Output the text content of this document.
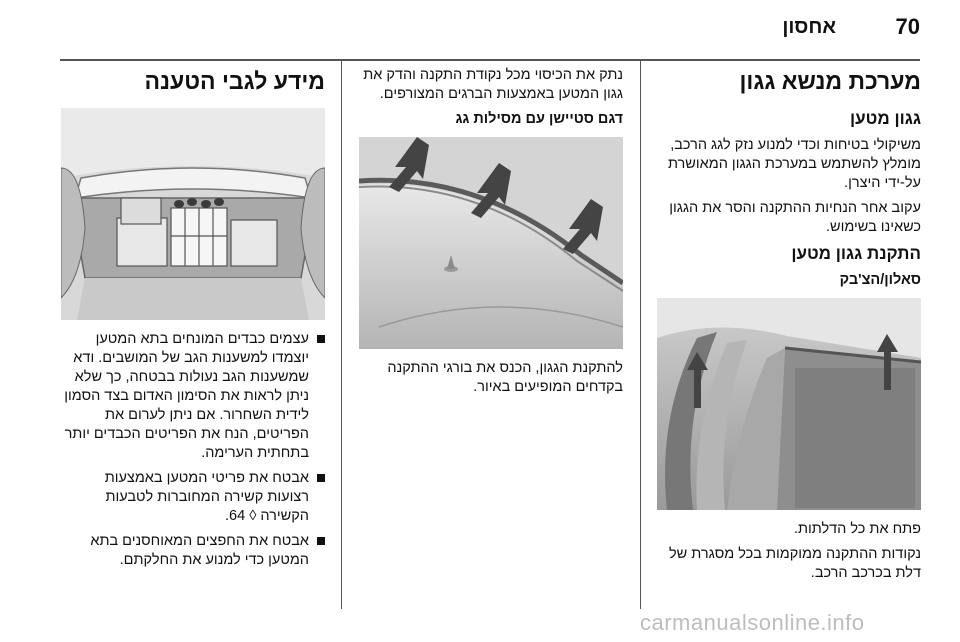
70
אחסון
מערכת מנשא גגון
גגון מטען

משיקולי בטיחות וכדי למנוע נזק לגג הרכב, מומלץ להשתמש במערכת הגגון המאושרת על-ידי היצרן.

עקוב אחר הנחיות ההתקנה והסר את הגגון כשאינו בשימוש.

התקנת גגון מטען
סאלון/הצ'בק

פתח את כל הדלתות.

נקודות ההתקנה ממוקמות בכל מסגרת של דלת בכרכב הרכב.

נתק את הכיסוי מכל נקודת התקנה והדק את גגון המטען באמצעות הברגים המצורפים.

דגם סטיישן עם מסילות גג

להתקנת הגגון, הכנס את בורגי ההתקנה בקדחים המופיעים באיור.

מידע לגבי הטענה
עצמים כבדים המונחים בתא המטען יוצמדו למשענות הגב של המושבים. ודא שמשענות הגב נעולות בבטחה, כך שלא ניתן לראות את הסימון האדום בצד הסמון לידית השחרור. אם ניתן לערום את הפריטים, הנח את הפריטים הכבדים יותר בתחתית הערימה.
אבטח את פריטי המטען באמצעות רצועות קשירה המחוברות לטבעות הקשירה ◊ 64.
אבטח את החפצים המאוחסנים בתא המטען כדי למנוע את החלקתם.
carmanualsonline.info
